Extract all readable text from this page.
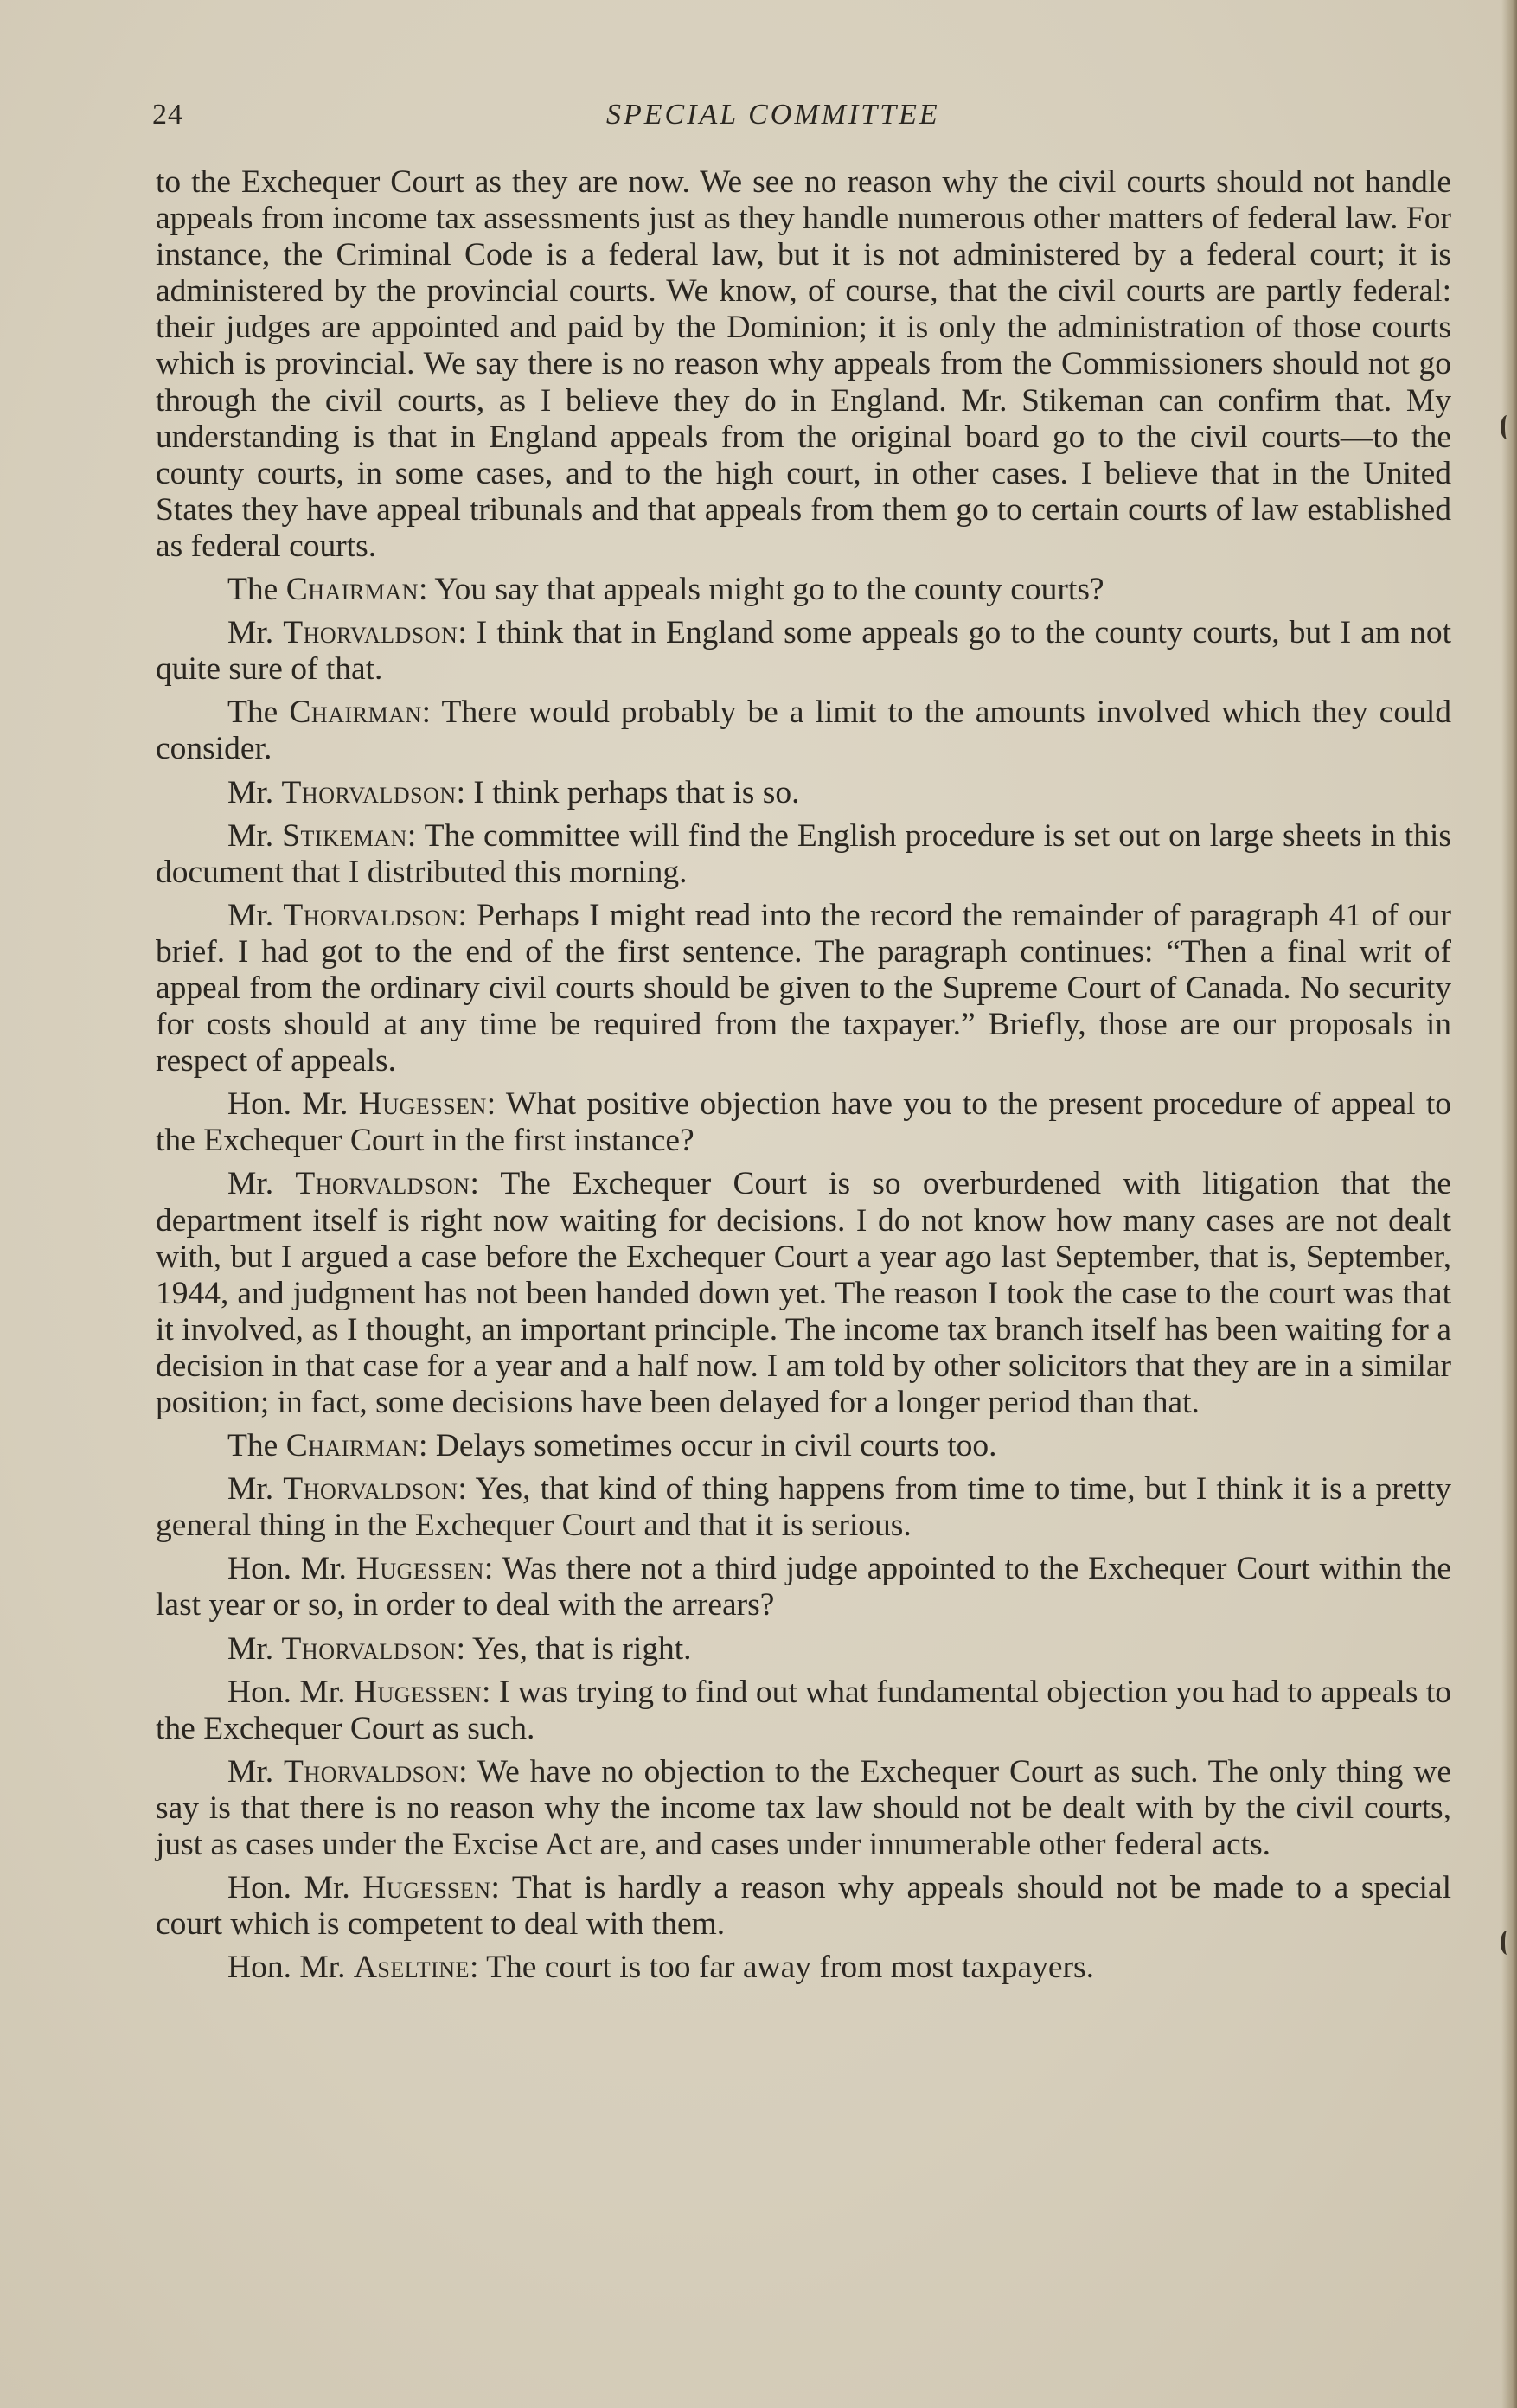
24	SPECIAL COMMITTEE

to the Exchequer Court as they are now. We see no reason why the civil courts should not handle appeals from income tax assessments just as they handle numerous other matters of federal law. For instance, the Criminal Code is a federal law, but it is not administered by a federal court; it is administered by the provincial courts. We know, of course, that the civil courts are partly federal: their judges are appointed and paid by the Dominion; it is only the administration of those courts which is provincial. We say there is no reason why appeals from the Commissioners should not go through the civil courts, as I believe they do in England. Mr. Stikeman can confirm that. My understanding is that in England appeals from the original board go to the civil courts—to the county courts, in some cases, and to the high court, in other cases. I believe that in the United States they have appeal tribunals and that appeals from them go to certain courts of law established as federal courts.

The Chairman: You say that appeals might go to the county courts?

Mr. Thorvaldson: I think that in England some appeals go to the county courts, but I am not quite sure of that.

The Chairman: There would probably be a limit to the amounts involved which they could consider.

Mr. Thorvaldson: I think perhaps that is so.

Mr. Stikeman: The committee will find the English procedure is set out on large sheets in this document that I distributed this morning.

Mr. Thorvaldson: Perhaps I might read into the record the remainder of paragraph 41 of our brief. I had got to the end of the first sentence. The paragraph continues: “Then a final writ of appeal from the ordinary civil courts should be given to the Supreme Court of Canada. No security for costs should at any time be required from the taxpayer.” Briefly, those are our proposals in respect of appeals.

Hon. Mr. Hugessen: What positive objection have you to the present procedure of appeal to the Exchequer Court in the first instance?

Mr. Thorvaldson: The Exchequer Court is so overburdened with litigation that the department itself is right now waiting for decisions. I do not know how many cases are not dealt with, but I argued a case before the Exchequer Court a year ago last September, that is, September, 1944, and judgment has not been handed down yet. The reason I took the case to the court was that it involved, as I thought, an important principle. The income tax branch itself has been waiting for a decision in that case for a year and a half now. I am told by other solicitors that they are in a similar position; in fact, some decisions have been delayed for a longer period than that.

The Chairman: Delays sometimes occur in civil courts too.

Mr. Thorvaldson: Yes, that kind of thing happens from time to time, but I think it is a pretty general thing in the Exchequer Court and that it is serious.

Hon. Mr. Hugessen: Was there not a third judge appointed to the Exchequer Court within the last year or so, in order to deal with the arrears?

Mr. Thorvaldson: Yes, that is right.

Hon. Mr. Hugessen: I was trying to find out what fundamental objection you had to appeals to the Exchequer Court as such.

Mr. Thorvaldson: We have no objection to the Exchequer Court as such. The only thing we say is that there is no reason why the income tax law should not be dealt with by the civil courts, just as cases under the Excise Act are, and cases under innumerable other federal acts.

Hon. Mr. Hugessen: That is hardly a reason why appeals should not be made to a special court which is competent to deal with them.

Hon. Mr. Aseltine: The court is too far away from most taxpayers.
